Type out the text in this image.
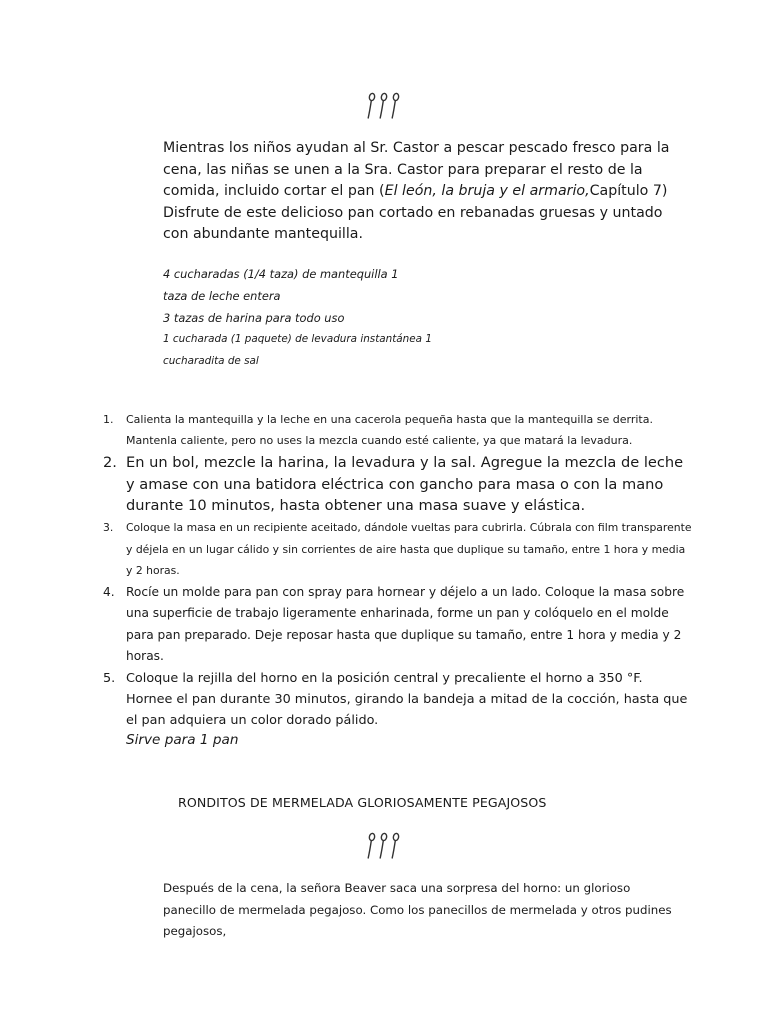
Mientras los niños ayudan al Sr. Castor a pescar pescado fresco para la cena, las niñas se unen a la Sra. Castor para preparar el resto de la comida, incluido cortar el pan (El león, la bruja y el armario,Capítulo 7) Disfrute de este delicioso pan cortado en rebanadas gruesas y untado con abundante mantequilla.

4 cucharadas (1/4 taza) de mantequilla 1
taza de leche entera
3 tazas de harina para todo uso
1 cucharada (1 paquete) de levadura instantánea 1
cucharadita de sal
1. Calienta la mantequilla y la leche en una cacerola pequeña hasta que la mantequilla se derrita. Mantenla caliente, pero no uses la mezcla cuando esté caliente, ya que matará la levadura.
2. En un bol, mezcle la harina, la levadura y la sal. Agregue la mezcla de leche y amase con una batidora eléctrica con gancho para masa o con la mano durante 10 minutos, hasta obtener una masa suave y elástica.
3. Coloque la masa en un recipiente aceitado, dándole vueltas para cubrirla. Cúbrala con film transparente y déjela en un lugar cálido y sin corrientes de aire hasta que duplique su tamaño, entre 1 hora y media y 2 horas.
4. Rocíe un molde para pan con spray para hornear y déjelo a un lado. Coloque la masa sobre una superficie de trabajo ligeramente enharinada, forme un pan y colóquelo en el molde para pan preparado. Deje reposar hasta que duplique su tamaño, entre 1 hora y media y 2 horas.
5. Coloque la rejilla del horno en la posición central y precaliente el horno a 350 °F. Hornee el pan durante 30 minutos, girando la bandeja a mitad de la cocción, hasta que el pan adquiera un color dorado pálido.

Sirve para 1 pan

RONDITOS DE MERMELADA GLORIOSAMENTE PEGAJOSOS

Después de la cena, la señora Beaver saca una sorpresa del horno: un glorioso panecillo de mermelada pegajoso. Como los panecillos de mermelada y otros pudines pegajosos,
